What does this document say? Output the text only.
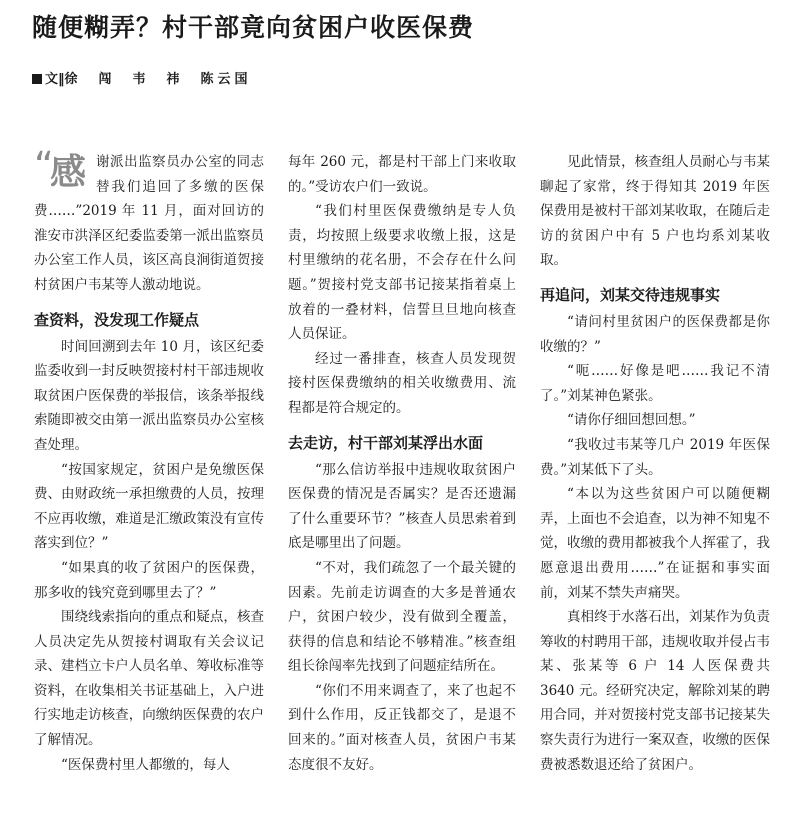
随便糊弄？村干部竟向贫困户收医保费
文‖徐　闯　韦　祎　陈云国

“
感 谢派出监察员办公室的同志替我们追回了多缴的医保费……”2019 年 11 月，面对回访的淮安市洪泽区纪委监委第一派出监察员办公室工作人员，该区高良涧街道贺接村贫困户韦某等人激动地说。

查资料，没发现工作疑点

时间回溯到去年 10 月，该区纪委监委收到一封反映贺接村村干部违规收取贫困户医保费的举报信，该条举报线索随即被交由第一派出监察员办公室核查处理。

“按国家规定，贫困户是免缴医保费、由财政统一承担缴费的人员，按理不应再收缴，难道是汇缴政策没有宣传落实到位？”

“如果真的收了贫困户的医保费，那多收的钱究竟到哪里去了？”

围绕线索指向的重点和疑点，核查人员决定先从贺接村调取有关会议记录、建档立卡户人员名单、筹收标准等资料，在收集相关书证基础上，入户进行实地走访核查，向缴纳医保费的农户了解情况。

“医保费村里人都缴的，每人

每年 260 元，都是村干部上门来收取的。”受访农户们一致说。

“我们村里医保费缴纳是专人负责，均按照上级要求收缴上报，这是村里缴纳的花名册，不会存在什么问题。”贺接村党支部书记接某指着桌上放着的一叠材料，信誓旦旦地向核查人员保证。

经过一番排查，核查人员发现贺接村医保费缴纳的相关收缴费用、流程都是符合规定的。

去走访，村干部刘某浮出水面

“那么信访举报中违规收取贫困户医保费的情况是否属实？是否还遗漏了什么重要环节？”核查人员思索着到底是哪里出了问题。

“不对，我们疏忽了一个最关键的因素。先前走访调查的大多是普通农户，贫困户较少，没有做到全覆盖，获得的信息和结论不够精准。”核查组组长徐闯率先找到了问题症结所在。

“你们不用来调查了，来了也起不到什么作用，反正钱都交了，是退不回来的。”面对核查人员，贫困户韦某态度很不友好。

见此情景，核查组人员耐心与韦某聊起了家常，终于得知其 2019 年医保费用是被村干部刘某收取，在随后走访的贫困户中有 5 户也均系刘某收取。

再追问，刘某交待违规事实

“请问村里贫困户的医保费都是你收缴的？”

“呃……好像是吧……我记不清了。”刘某神色紧张。

“请你仔细回想回想。”

“我收过韦某等几户 2019 年医保费。”刘某低下了头。

“本以为这些贫困户可以随便糊弄，上面也不会追查，以为神不知鬼不觉，收缴的费用都被我个人挥霍了，我愿意退出费用……”在证据和事实面前，刘某不禁失声痛哭。

真相终于水落石出，刘某作为负责筹收的村聘用干部，违规收取并侵占韦某、张某等 6 户 14 人医保费共 3640 元。经研究决定，解除刘某的聘用合同，并对贺接村党支部书记接某失察失责行为进行一案双查，收缴的医保费被悉数退还给了贫困户。
